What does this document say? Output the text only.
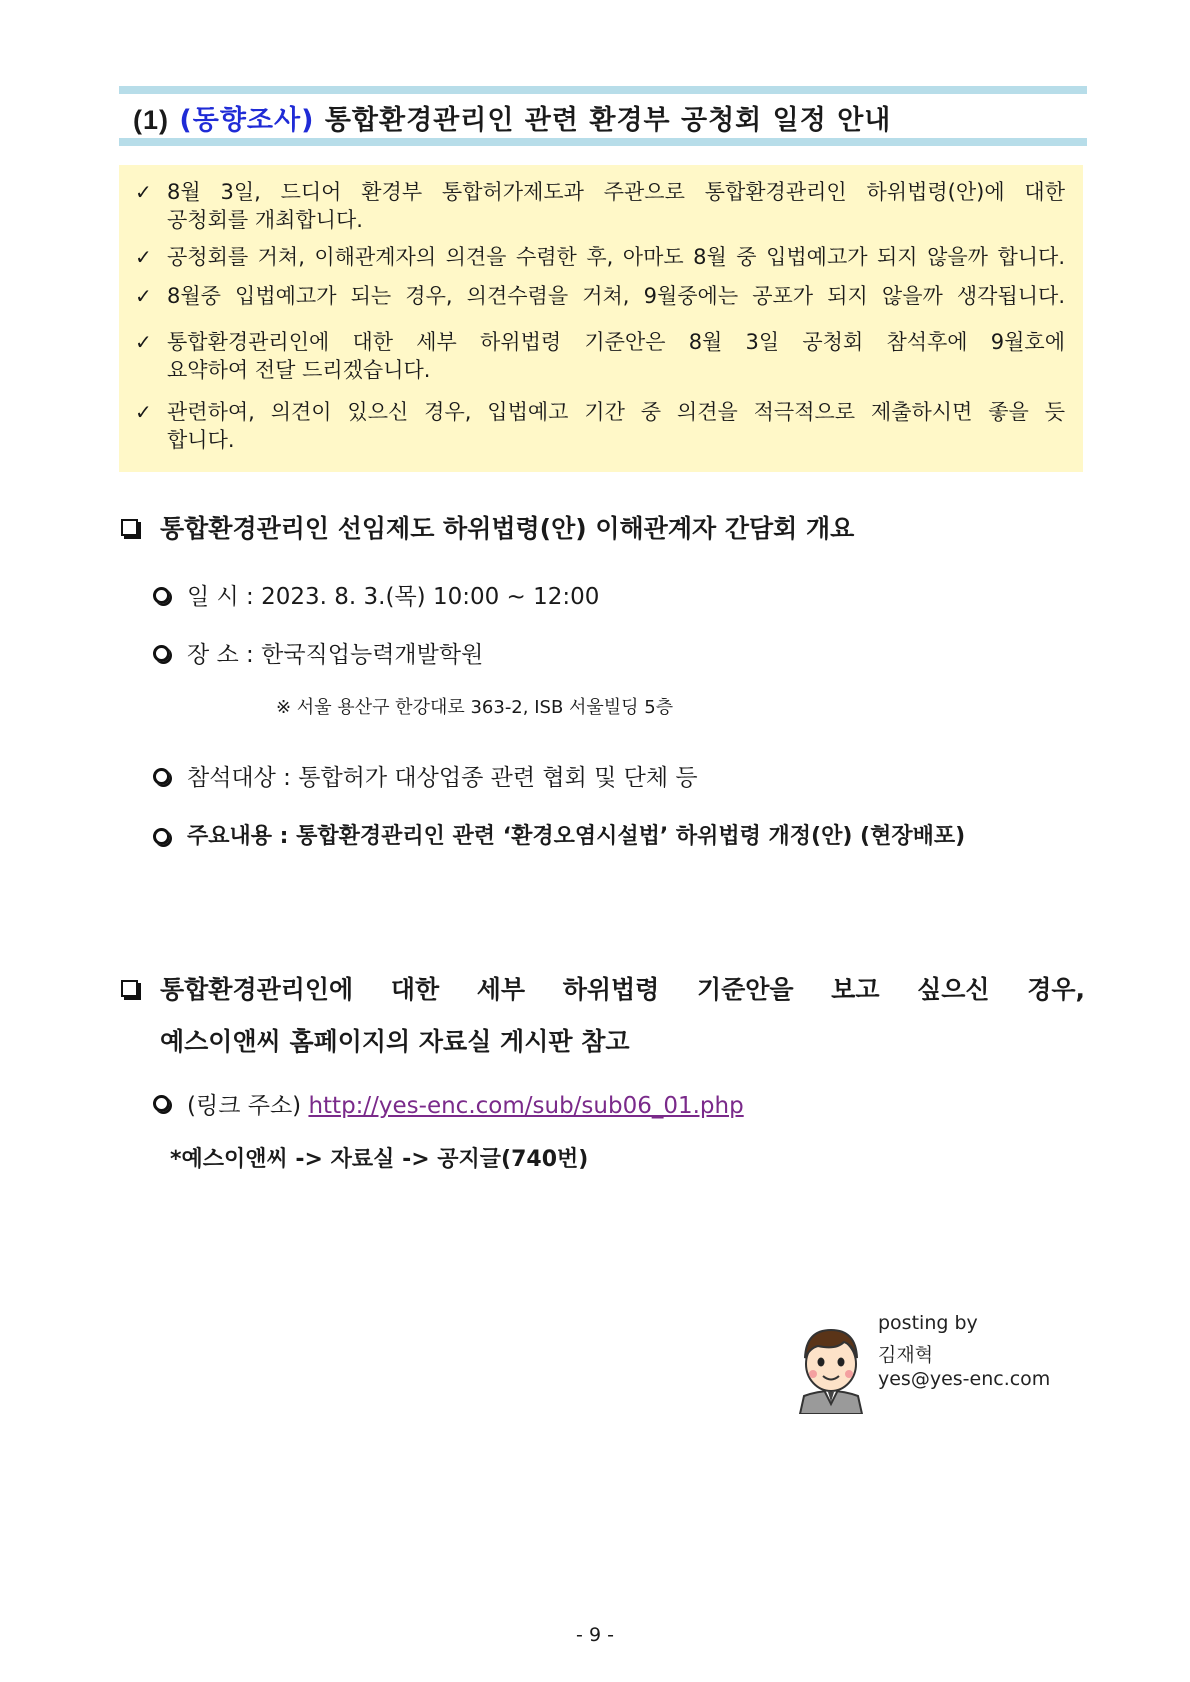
(1) (동향조사) 통합환경관리인 관련 환경부 공청회 일정 안내
✓ 8월 3일, 드디어 환경부 통합허가제도과 주관으로 통합환경관리인 하위법령(안)에 대한
공청회를 개최합니다.
✓ 공청회를 거쳐, 이해관계자의 의견을 수렴한 후, 아마도 8월 중 입법예고가 되지 않을까 합니다.
✓ 8월중 입법예고가 되는 경우, 의견수렴을 거쳐, 9월중에는 공포가 되지 않을까 생각됩니다.
✓ 통합환경관리인에 대한 세부 하위법령 기준안은 8월 3일 공청회 참석후에 9월호에
요약하여 전달 드리겠습니다.
✓ 관련하여, 의견이 있으신 경우, 입법예고 기간 중 의견을 적극적으로 제출하시면 좋을 듯
합니다.
통합환경관리인 선임제도 하위법령(안) 이해관계자 간담회 개요
일 시 : 2023. 8. 3.(목) 10:00 ~ 12:00
장 소 : 한국직업능력개발학원
※ 서울 용산구 한강대로 363-2, ISB 서울빌딩 5층
참석대상 : 통합허가 대상업종 관련 협회 및 단체 등
주요내용 : 통합환경관리인 관련 ‘환경오염시설법’ 하위법령 개정(안) (현장배포)
통합환경관리인에 대한 세부 하위법령 기준안을 보고 싶으신 경우,
예스이앤씨 홈페이지의 자료실 게시판 참고
(링크 주소) http://yes-enc.com/sub/sub06_01.php
*예스이앤씨 -> 자료실 -> 공지글(740번)
posting by
김재혁
yes@yes-enc.com
- 9 -
